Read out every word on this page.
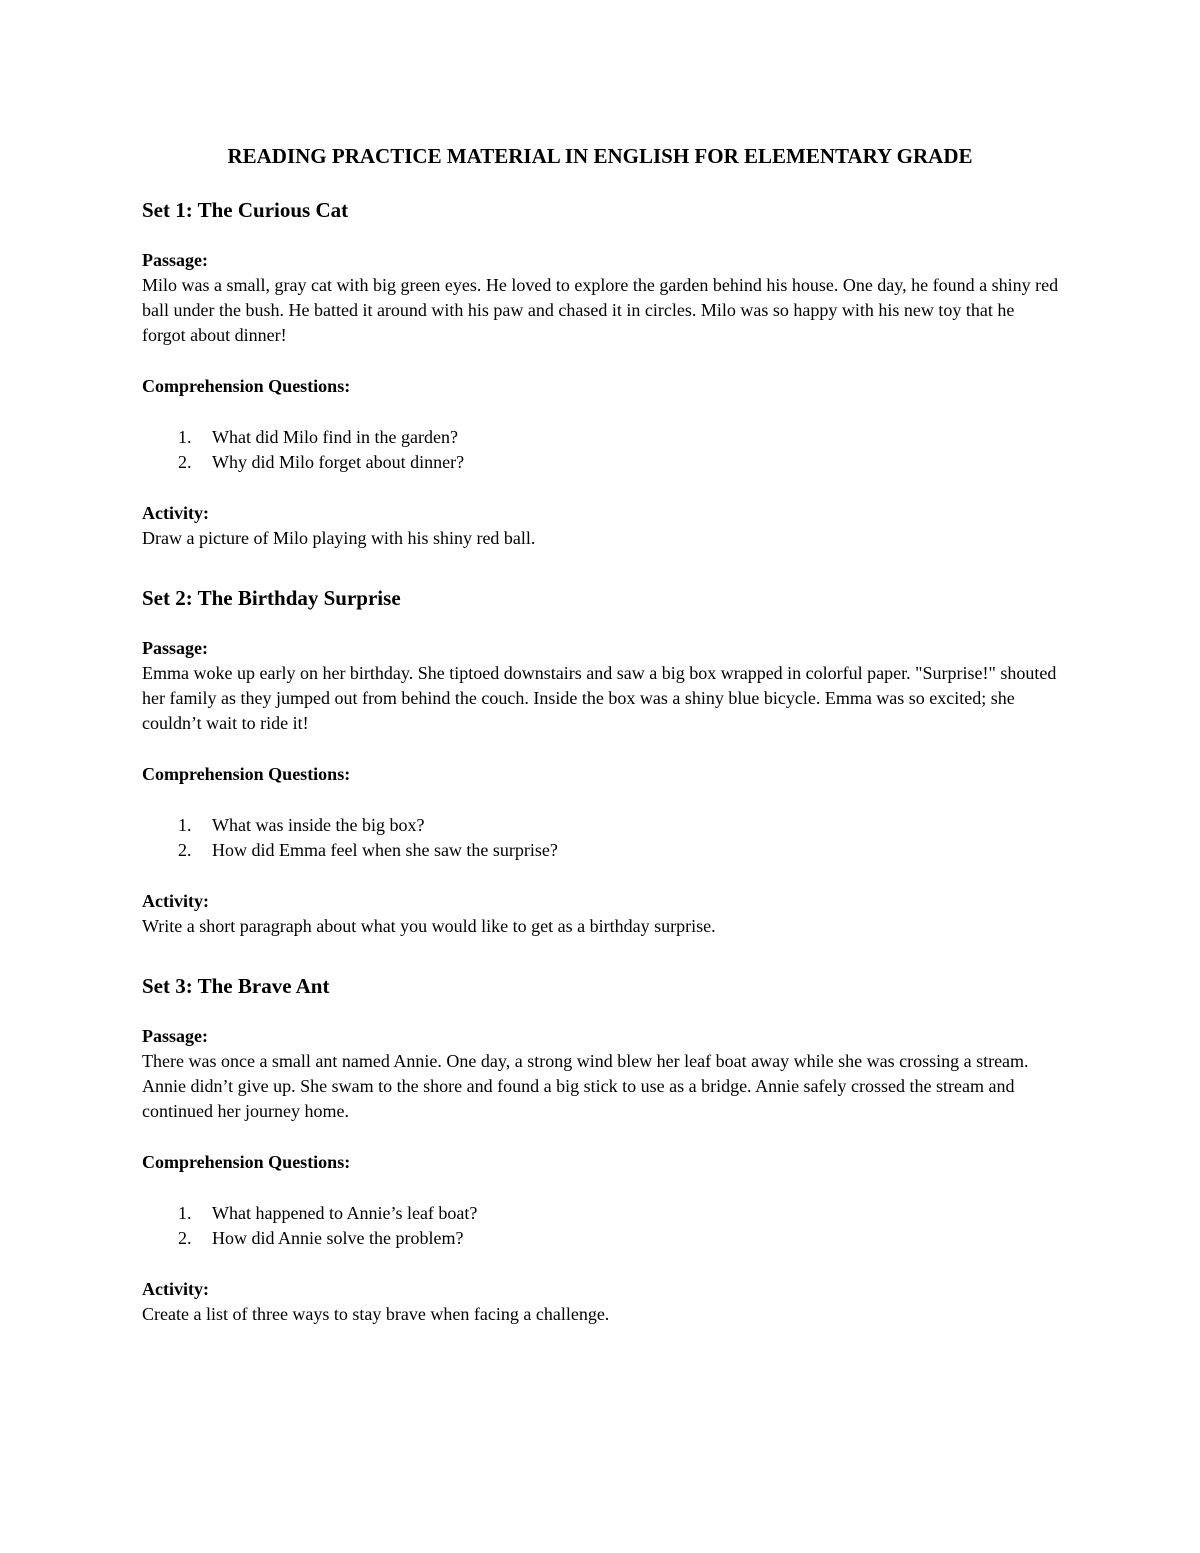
READING PRACTICE MATERIAL IN ENGLISH FOR ELEMENTARY GRADE
Set 1: The Curious Cat

Passage:

Milo was a small, gray cat with big green eyes. He loved to explore the garden behind his house. One day, he found a shiny red ball under the bush. He batted it around with his paw and chased it in circles. Milo was so happy with his new toy that he forgot about dinner!

Comprehension Questions:

1. What did Milo find in the garden?
2. Why did Milo forget about dinner?

Activity:

Draw a picture of Milo playing with his shiny red ball.

Set 2: The Birthday Surprise

Passage:

Emma woke up early on her birthday. She tiptoed downstairs and saw a big box wrapped in colorful paper. "Surprise!" shouted her family as they jumped out from behind the couch. Inside the box was a shiny blue bicycle. Emma was so excited; she couldn’t wait to ride it!

Comprehension Questions:

1. What was inside the big box?
2. How did Emma feel when she saw the surprise?

Activity:

Write a short paragraph about what you would like to get as a birthday surprise.

Set 3: The Brave Ant

Passage:

There was once a small ant named Annie. One day, a strong wind blew her leaf boat away while she was crossing a stream. Annie didn’t give up. She swam to the shore and found a big stick to use as a bridge. Annie safely crossed the stream and continued her journey home.

Comprehension Questions:

1. What happened to Annie’s leaf boat?
2. How did Annie solve the problem?

Activity:

Create a list of three ways to stay brave when facing a challenge.
